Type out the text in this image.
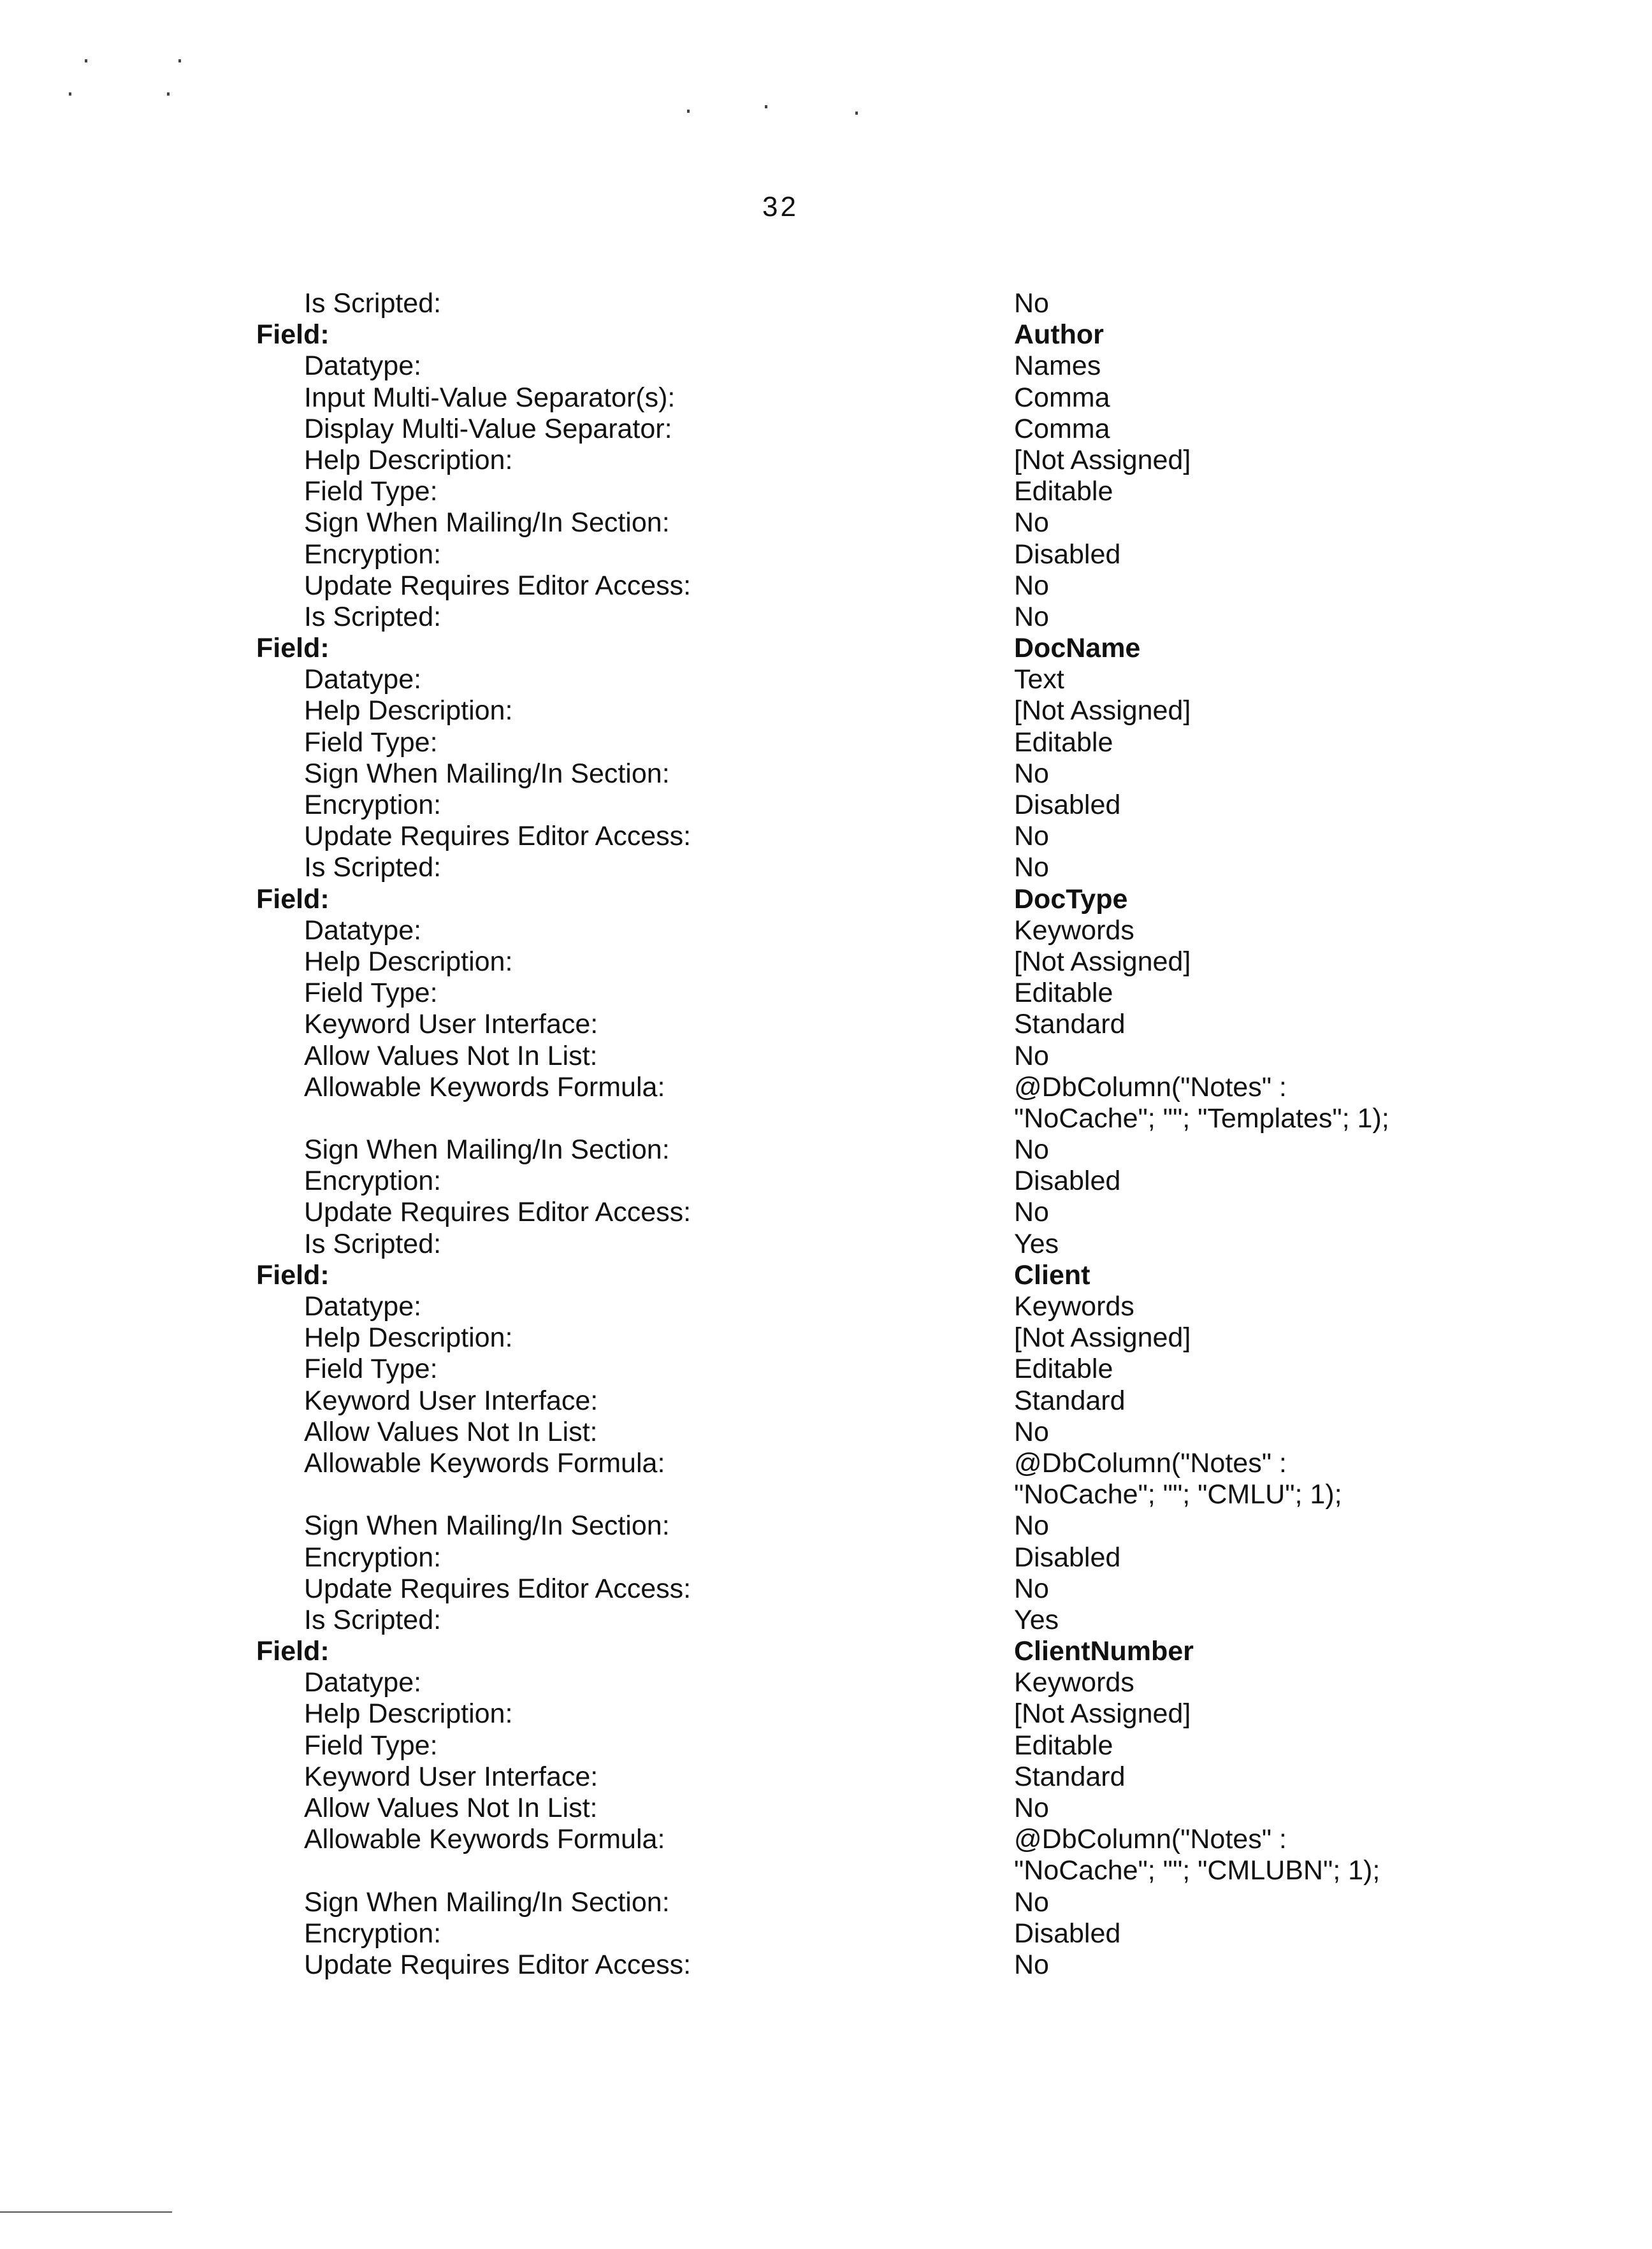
32
Is Scripted:	No
Field:	Author
Datatype:	Names
Input Multi-Value Separator(s):	Comma
Display Multi-Value Separator:	Comma
Help Description:	[Not Assigned]
Field Type:	Editable
Sign When Mailing/In Section:	No
Encryption:	Disabled
Update Requires Editor Access:	No
Is Scripted:	No
Field:	DocName
Datatype:	Text
Help Description:	[Not Assigned]
Field Type:	Editable
Sign When Mailing/In Section:	No
Encryption:	Disabled
Update Requires Editor Access:	No
Is Scripted:	No
Field:	DocType
Datatype:	Keywords
Help Description:	[Not Assigned]
Field Type:	Editable
Keyword User Interface:	Standard
Allow Values Not In List:	No
Allowable Keywords Formula:	@DbColumn("Notes" :
"NoCache"; ""; "Templates"; 1);
Sign When Mailing/In Section:	No
Encryption:	Disabled
Update Requires Editor Access:	No
Is Scripted:	Yes
Field:	Client
Datatype:	Keywords
Help Description:	[Not Assigned]
Field Type:	Editable
Keyword User Interface:	Standard
Allow Values Not In List:	No
Allowable Keywords Formula:	@DbColumn("Notes" :
"NoCache"; ""; "CMLU"; 1);
Sign When Mailing/In Section:	No
Encryption:	Disabled
Update Requires Editor Access:	No
Is Scripted:	Yes
Field:	ClientNumber
Datatype:	Keywords
Help Description:	[Not Assigned]
Field Type:	Editable
Keyword User Interface:	Standard
Allow Values Not In List:	No
Allowable Keywords Formula:	@DbColumn("Notes" :
"NoCache"; ""; "CMLUBN"; 1);
Sign When Mailing/In Section:	No
Encryption:	Disabled
Update Requires Editor Access:	No
